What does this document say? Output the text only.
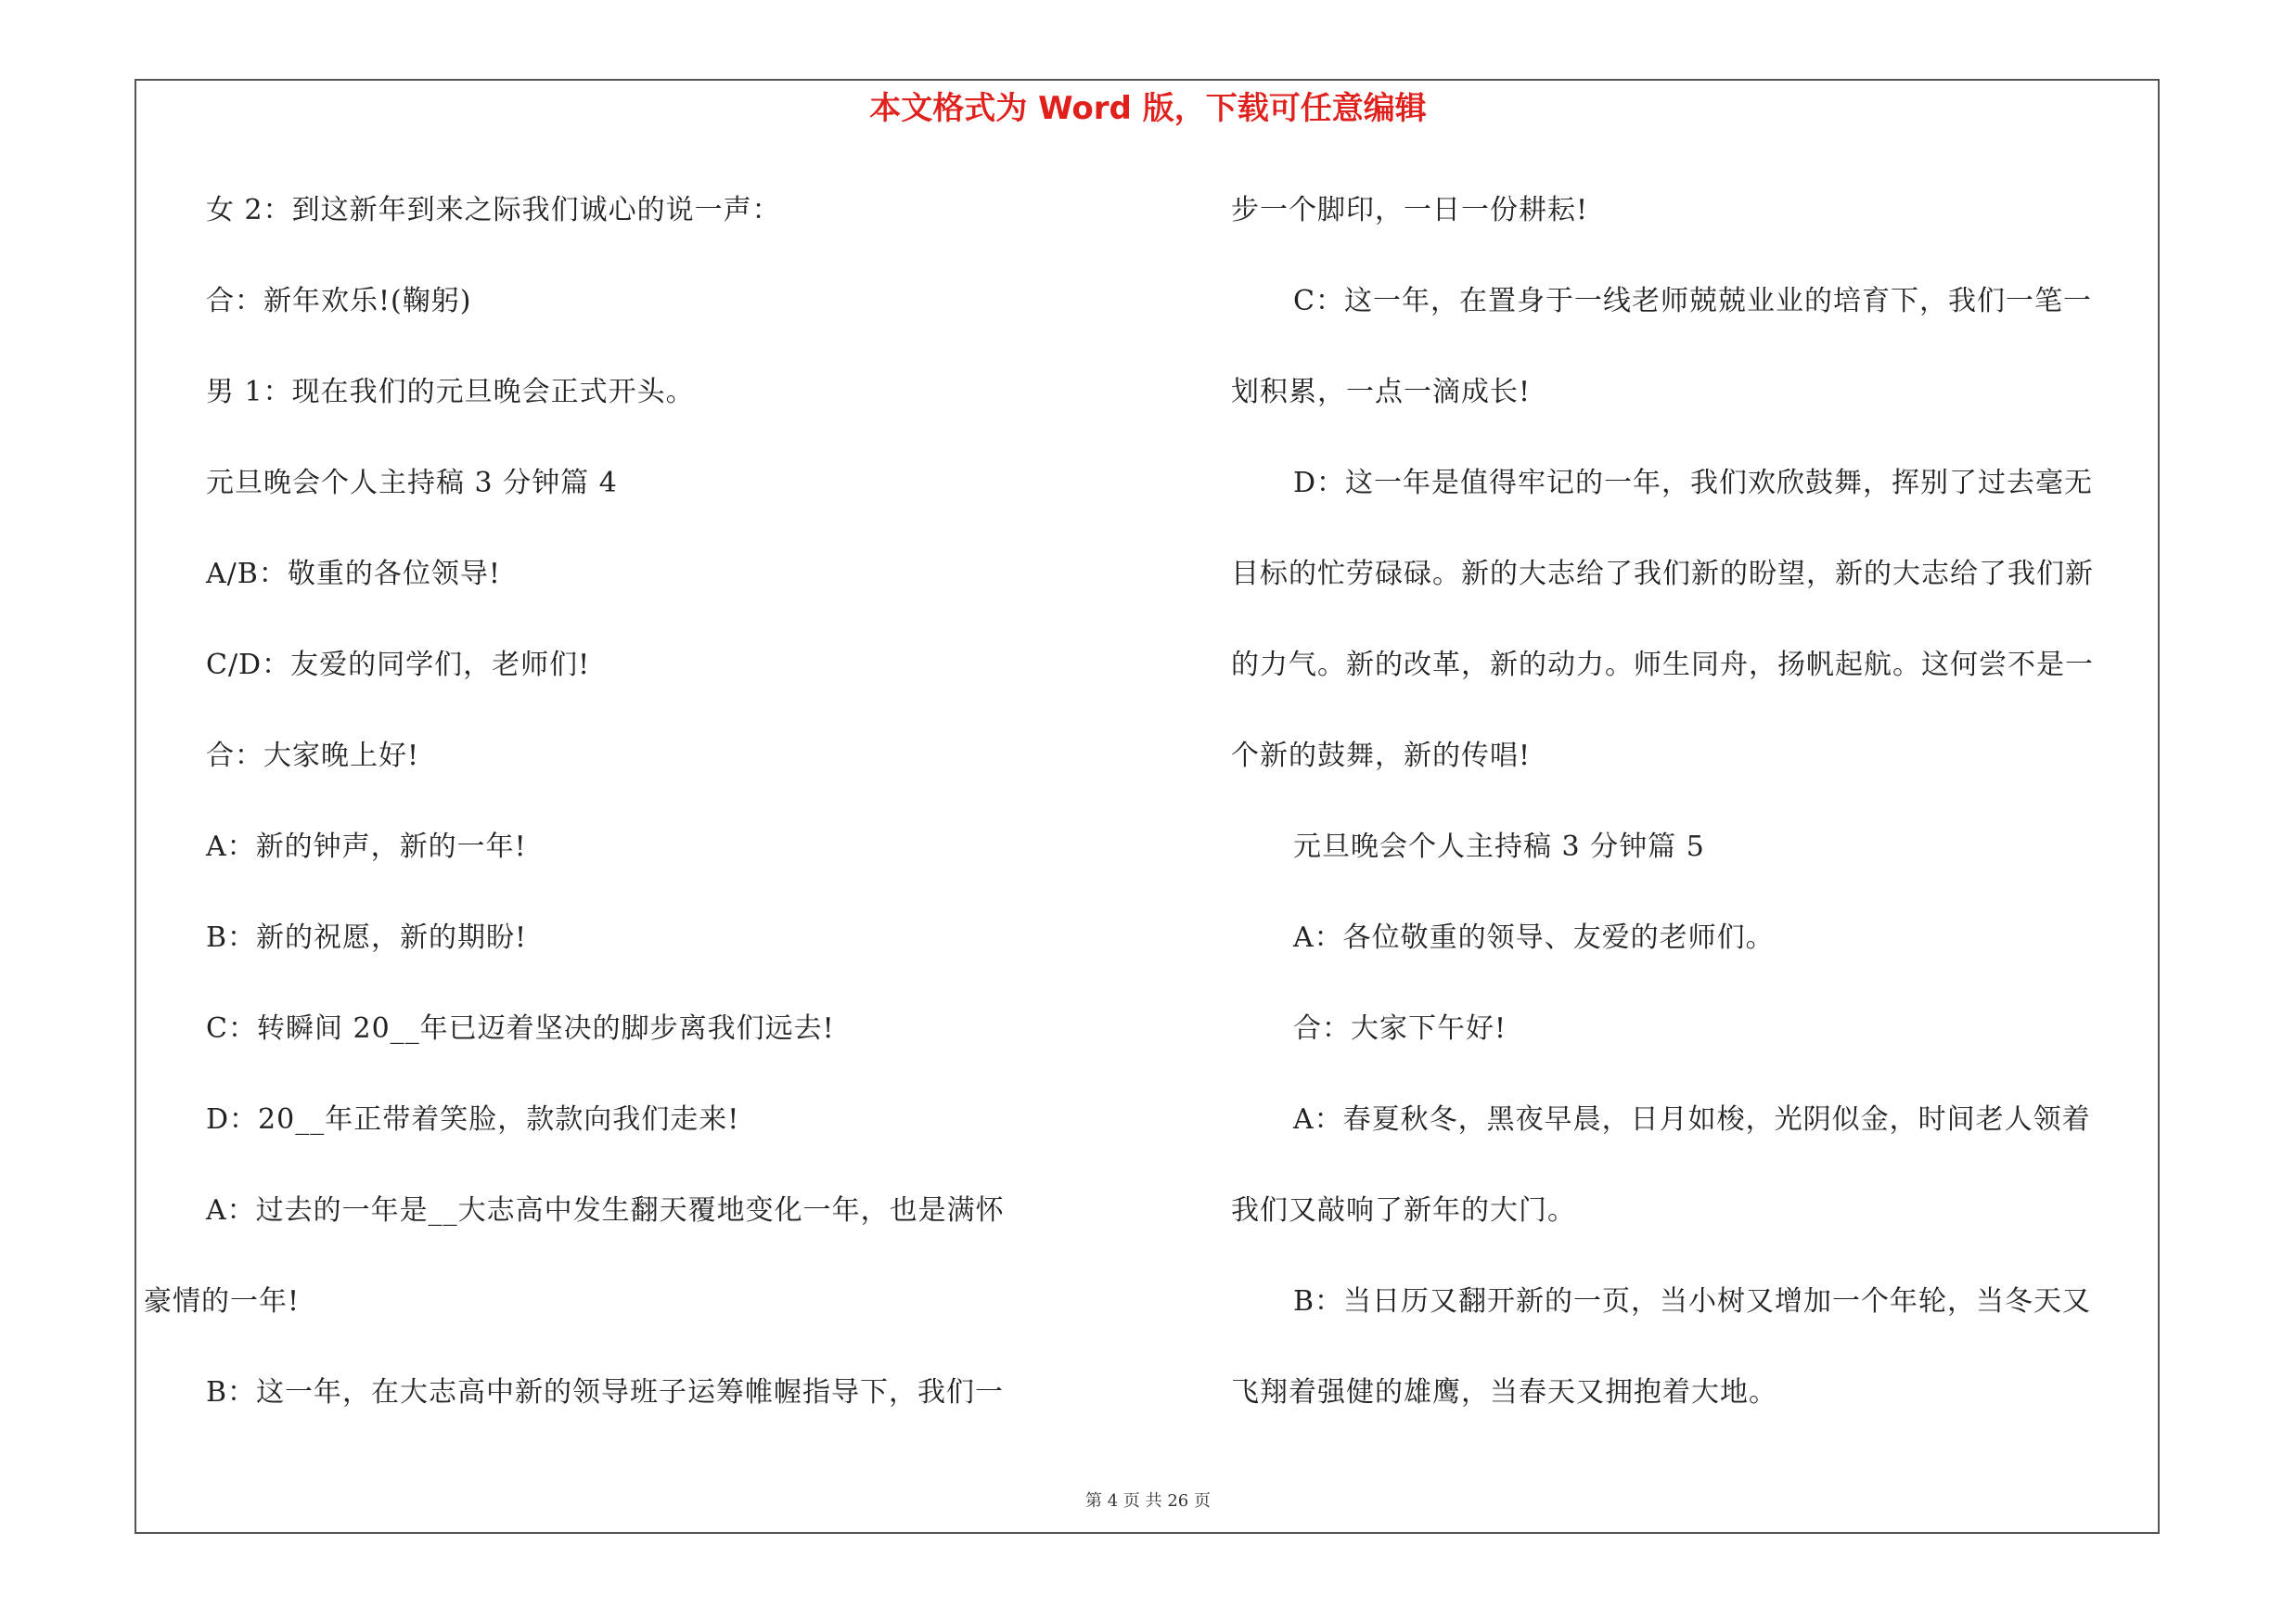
本文格式为 Word 版，下载可任意编辑
女 2：到这新年到来之际我们诚心的说一声：
合：新年欢乐!(鞠躬)
男 1：现在我们的元旦晚会正式开头。
元旦晚会个人主持稿 3 分钟篇 4
A/B：敬重的各位领导!
C/D：友爱的同学们，老师们!
合：大家晚上好!
A：新的钟声，新的一年!
B：新的祝愿，新的期盼!
C：转瞬间 20__年已迈着坚决的脚步离我们远去!
D：20__年正带着笑脸，款款向我们走来!
A：过去的一年是__大志高中发生翻天覆地变化一年，也是满怀
豪情的一年!
B：这一年，在大志高中新的领导班子运筹帷幄指导下，我们一
步一个脚印，一日一份耕耘!
C：这一年，在置身于一线老师兢兢业业的培育下，我们一笔一
划积累，一点一滴成长!
D：这一年是值得牢记的一年，我们欢欣鼓舞，挥别了过去毫无
目标的忙劳碌碌。新的大志给了我们新的盼望，新的大志给了我们新
的力气。新的改革，新的动力。师生同舟，扬帆起航。这何尝不是一
个新的鼓舞，新的传唱!
元旦晚会个人主持稿 3 分钟篇 5
A：各位敬重的领导、友爱的老师们。
合：大家下午好!
A：春夏秋冬，黑夜早晨，日月如梭，光阴似金，时间老人领着
我们又敲响了新年的大门。
B：当日历又翻开新的一页，当小树又增加一个年轮，当冬天又
飞翔着强健的雄鹰，当春天又拥抱着大地。
第 4 页 共 26 页
